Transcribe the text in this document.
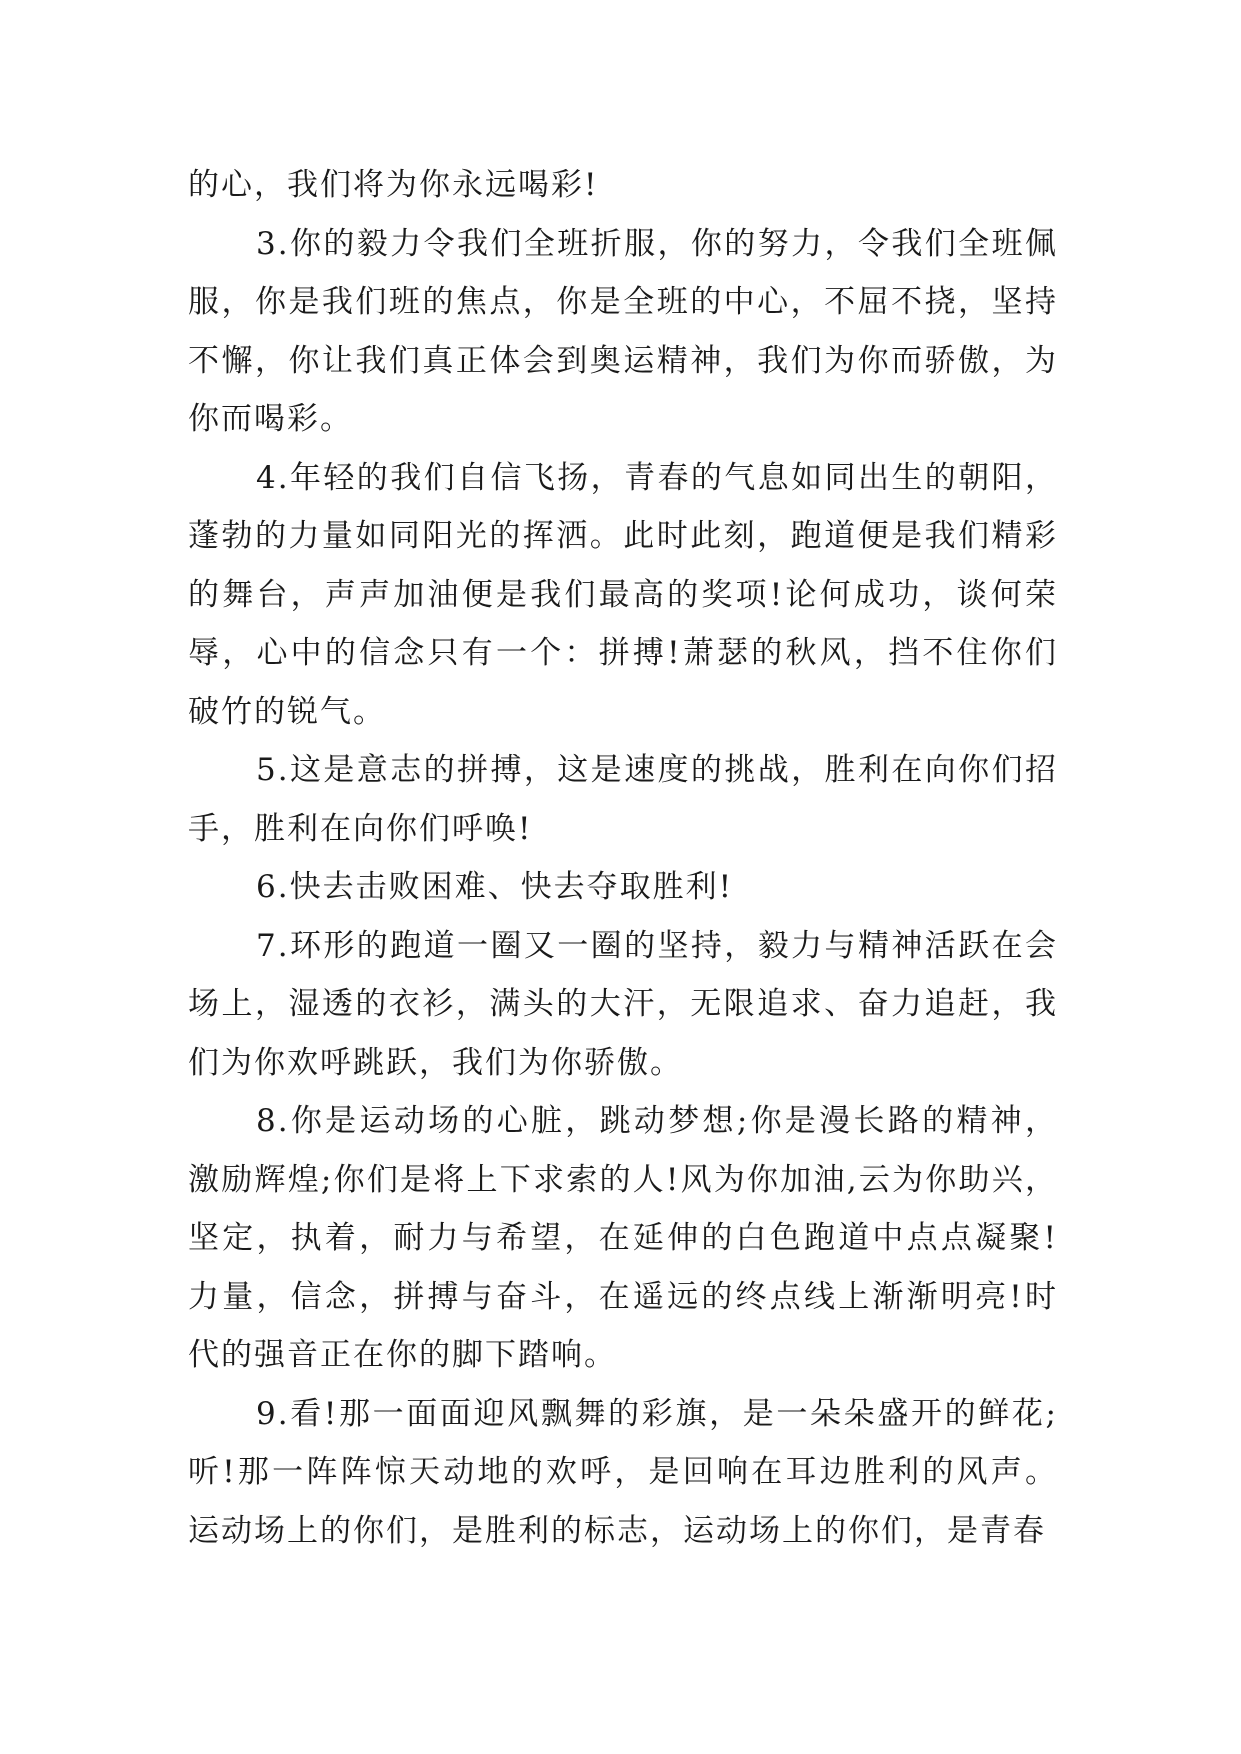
的心，我们将为你永远喝彩!

3.你的毅力令我们全班折服，你的努力，令我们全班佩服，你是我们班的焦点，你是全班的中心，不屈不挠，坚持不懈，你让我们真正体会到奥运精神，我们为你而骄傲，为你而喝彩。

4.年轻的我们自信飞扬，青春的气息如同出生的朝阳，蓬勃的力量如同阳光的挥洒。此时此刻，跑道便是我们精彩的舞台，声声加油便是我们最高的奖项!论何成功，谈何荣辱，心中的信念只有一个：拼搏!萧瑟的秋风，挡不住你们破竹的锐气。

5.这是意志的拼搏，这是速度的挑战，胜利在向你们招手，胜利在向你们呼唤!

6.快去击败困难、快去夺取胜利!

7.环形的跑道一圈又一圈的坚持，毅力与精神活跃在会场上，湿透的衣衫，满头的大汗，无限追求、奋力追赶，我们为你欢呼跳跃，我们为你骄傲。

8.你是运动场的心脏，跳动梦想;你是漫长路的精神，激励辉煌;你们是将上下求索的人!风为你加油,云为你助兴，坚定，执着，耐力与希望，在延伸的白色跑道中点点凝聚!力量，信念，拼搏与奋斗，在遥远的终点线上渐渐明亮!时代的强音正在你的脚下踏响。

9.看!那一面面迎风飘舞的彩旗，是一朵朵盛开的鲜花;听!那一阵阵惊天动地的欢呼，是回响在耳边胜利的风声。运动场上的你们，是胜利的标志，运动场上的你们，是青春
